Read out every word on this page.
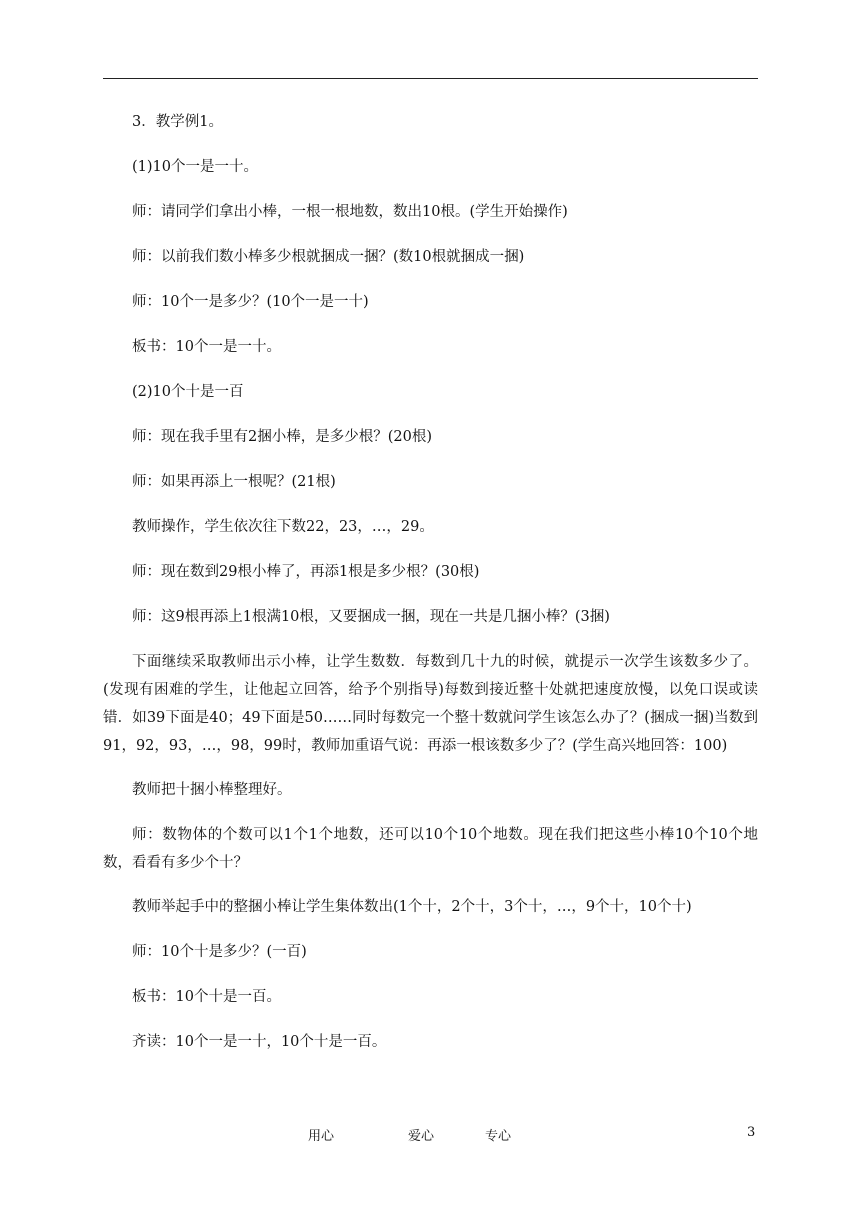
3．教学例1。

(1)10个一是一十。

师：请同学们拿出小棒，一根一根地数，数出10根。(学生开始操作)

师：以前我们数小棒多少根就捆成一捆？(数10根就捆成一捆)

师：10个一是多少？(10个一是一十)

板书：10个一是一十。

(2)10个十是一百

师：现在我手里有2捆小棒，是多少根？(20根)

师：如果再添上一根呢？(21根)

教师操作，学生依次往下数22，23，…，29。

师：现在数到29根小棒了，再添1根是多少根？(30根)

师：这9根再添上1根满10根，又要捆成一捆，现在一共是几捆小棒？(3捆)

下面继续采取教师出示小棒，让学生数数．每数到几十九的时候，就提示一次学生该数多少了。(发现有困难的学生，让他起立回答，给予个别指导)每数到接近整十处就把速度放慢，以免口误或读错．如39下面是40；49下面是50……同时每数完一个整十数就问学生该怎么办了？(捆成一捆)当数到91，92，93，…，98，99时，教师加重语气说：再添一根该数多少了？(学生高兴地回答：100)

教师把十捆小棒整理好。

师：数物体的个数可以1个1个地数，还可以10个10个地数。现在我们把这些小棒10个10个地数，看看有多少个十？

教师举起手中的整捆小棒让学生集体数出(1个十，2个十，3个十，…，9个十，10个十)

师：10个十是多少？(一百)

板书：10个十是一百。

齐读：10个一是一十，10个十是一百。

用心	爱心	专心	3
